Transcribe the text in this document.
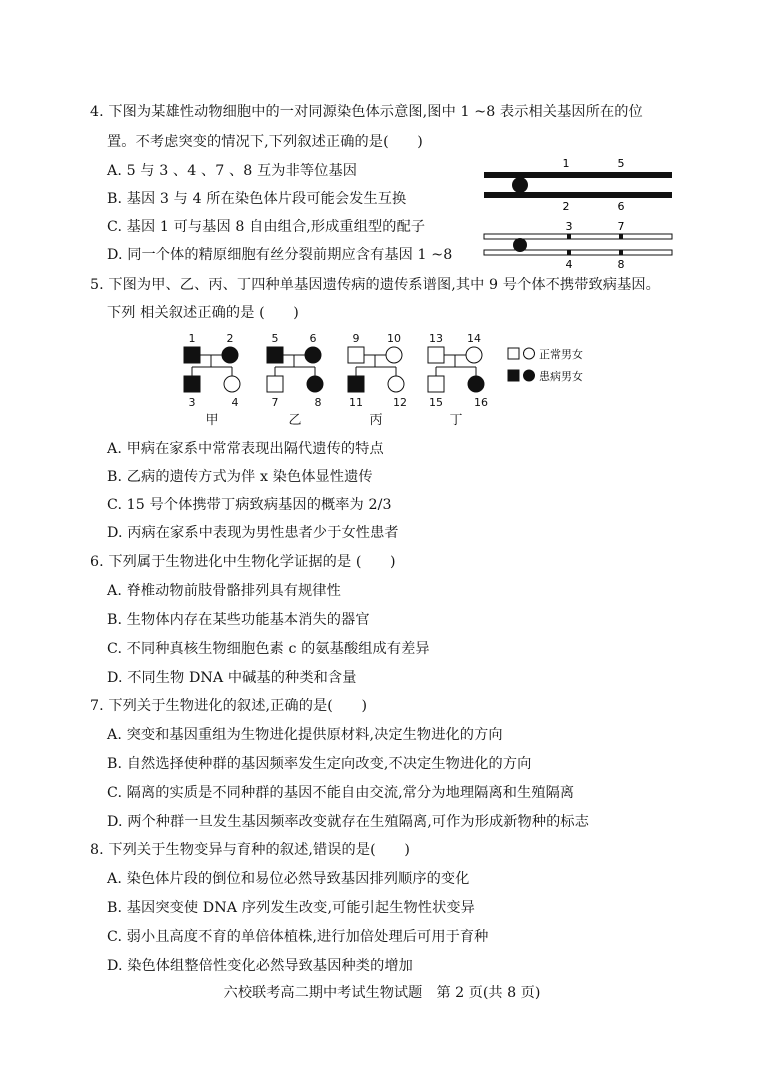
4. 下图为某雄性动物细胞中的一对同源染色体示意图,图中 1 ~8 表示相关基因所在的位
置。不考虑突变的情况下,下列叙述正确的是(　　)
A. 5 与 3 、4 、7 、8 互为非等位基因
B. 基因 3 与 4 所在染色体片段可能会发生互换
C. 基因 1 可与基因 8 自由组合,形成重组型的配子
D. 同一个体的精原细胞有丝分裂前期应含有基因 1 ~8
1	5
2	6
3	7
4	8
5. 下图为甲、乙、丙、丁四种单基因遗传病的遗传系谱图,其中 9 号个体不携带致病基因。
下列 相关叙述正确的是 (　　)
1	2
3	4
5	6
7	8
9	10
11	12
13 14
15	16
甲	乙	丙	丁
正常男女
患病男女
A. 甲病在家系中常常表现出隔代遗传的特点
B. 乙病的遗传方式为伴 x 染色体显性遗传
C. 15 号个体携带丁病致病基因的概率为 2/3
D. 丙病在家系中表现为男性患者少于女性患者
6. 下列属于生物进化中生物化学证据的是 (　　)
A. 脊椎动物前肢骨骼排列具有规律性
B. 生物体内存在某些功能基本消失的器官
C. 不同种真核生物细胞色素 c 的氨基酸组成有差异
D. 不同生物 DNA 中碱基的种类和含量
7. 下列关于生物进化的叙述,正确的是(　　)
A. 突变和基因重组为生物进化提供原材料,决定生物进化的方向
B. 自然选择使种群的基因频率发生定向改变,不决定生物进化的方向
C. 隔离的实质是不同种群的基因不能自由交流,常分为地理隔离和生殖隔离
D. 两个种群一旦发生基因频率改变就存在生殖隔离,可作为形成新物种的标志
8. 下列关于生物变异与育种的叙述,错误的是(　　)
A. 染色体片段的倒位和易位必然导致基因排列顺序的变化
B. 基因突变使 DNA 序列发生改变,可能引起生物性状变异
C. 弱小且高度不育的单倍体植株,进行加倍处理后可用于育种
D. 染色体组整倍性变化必然导致基因种类的增加
六校联考高二期中考试生物试题　第 2 页(共 8 页)
